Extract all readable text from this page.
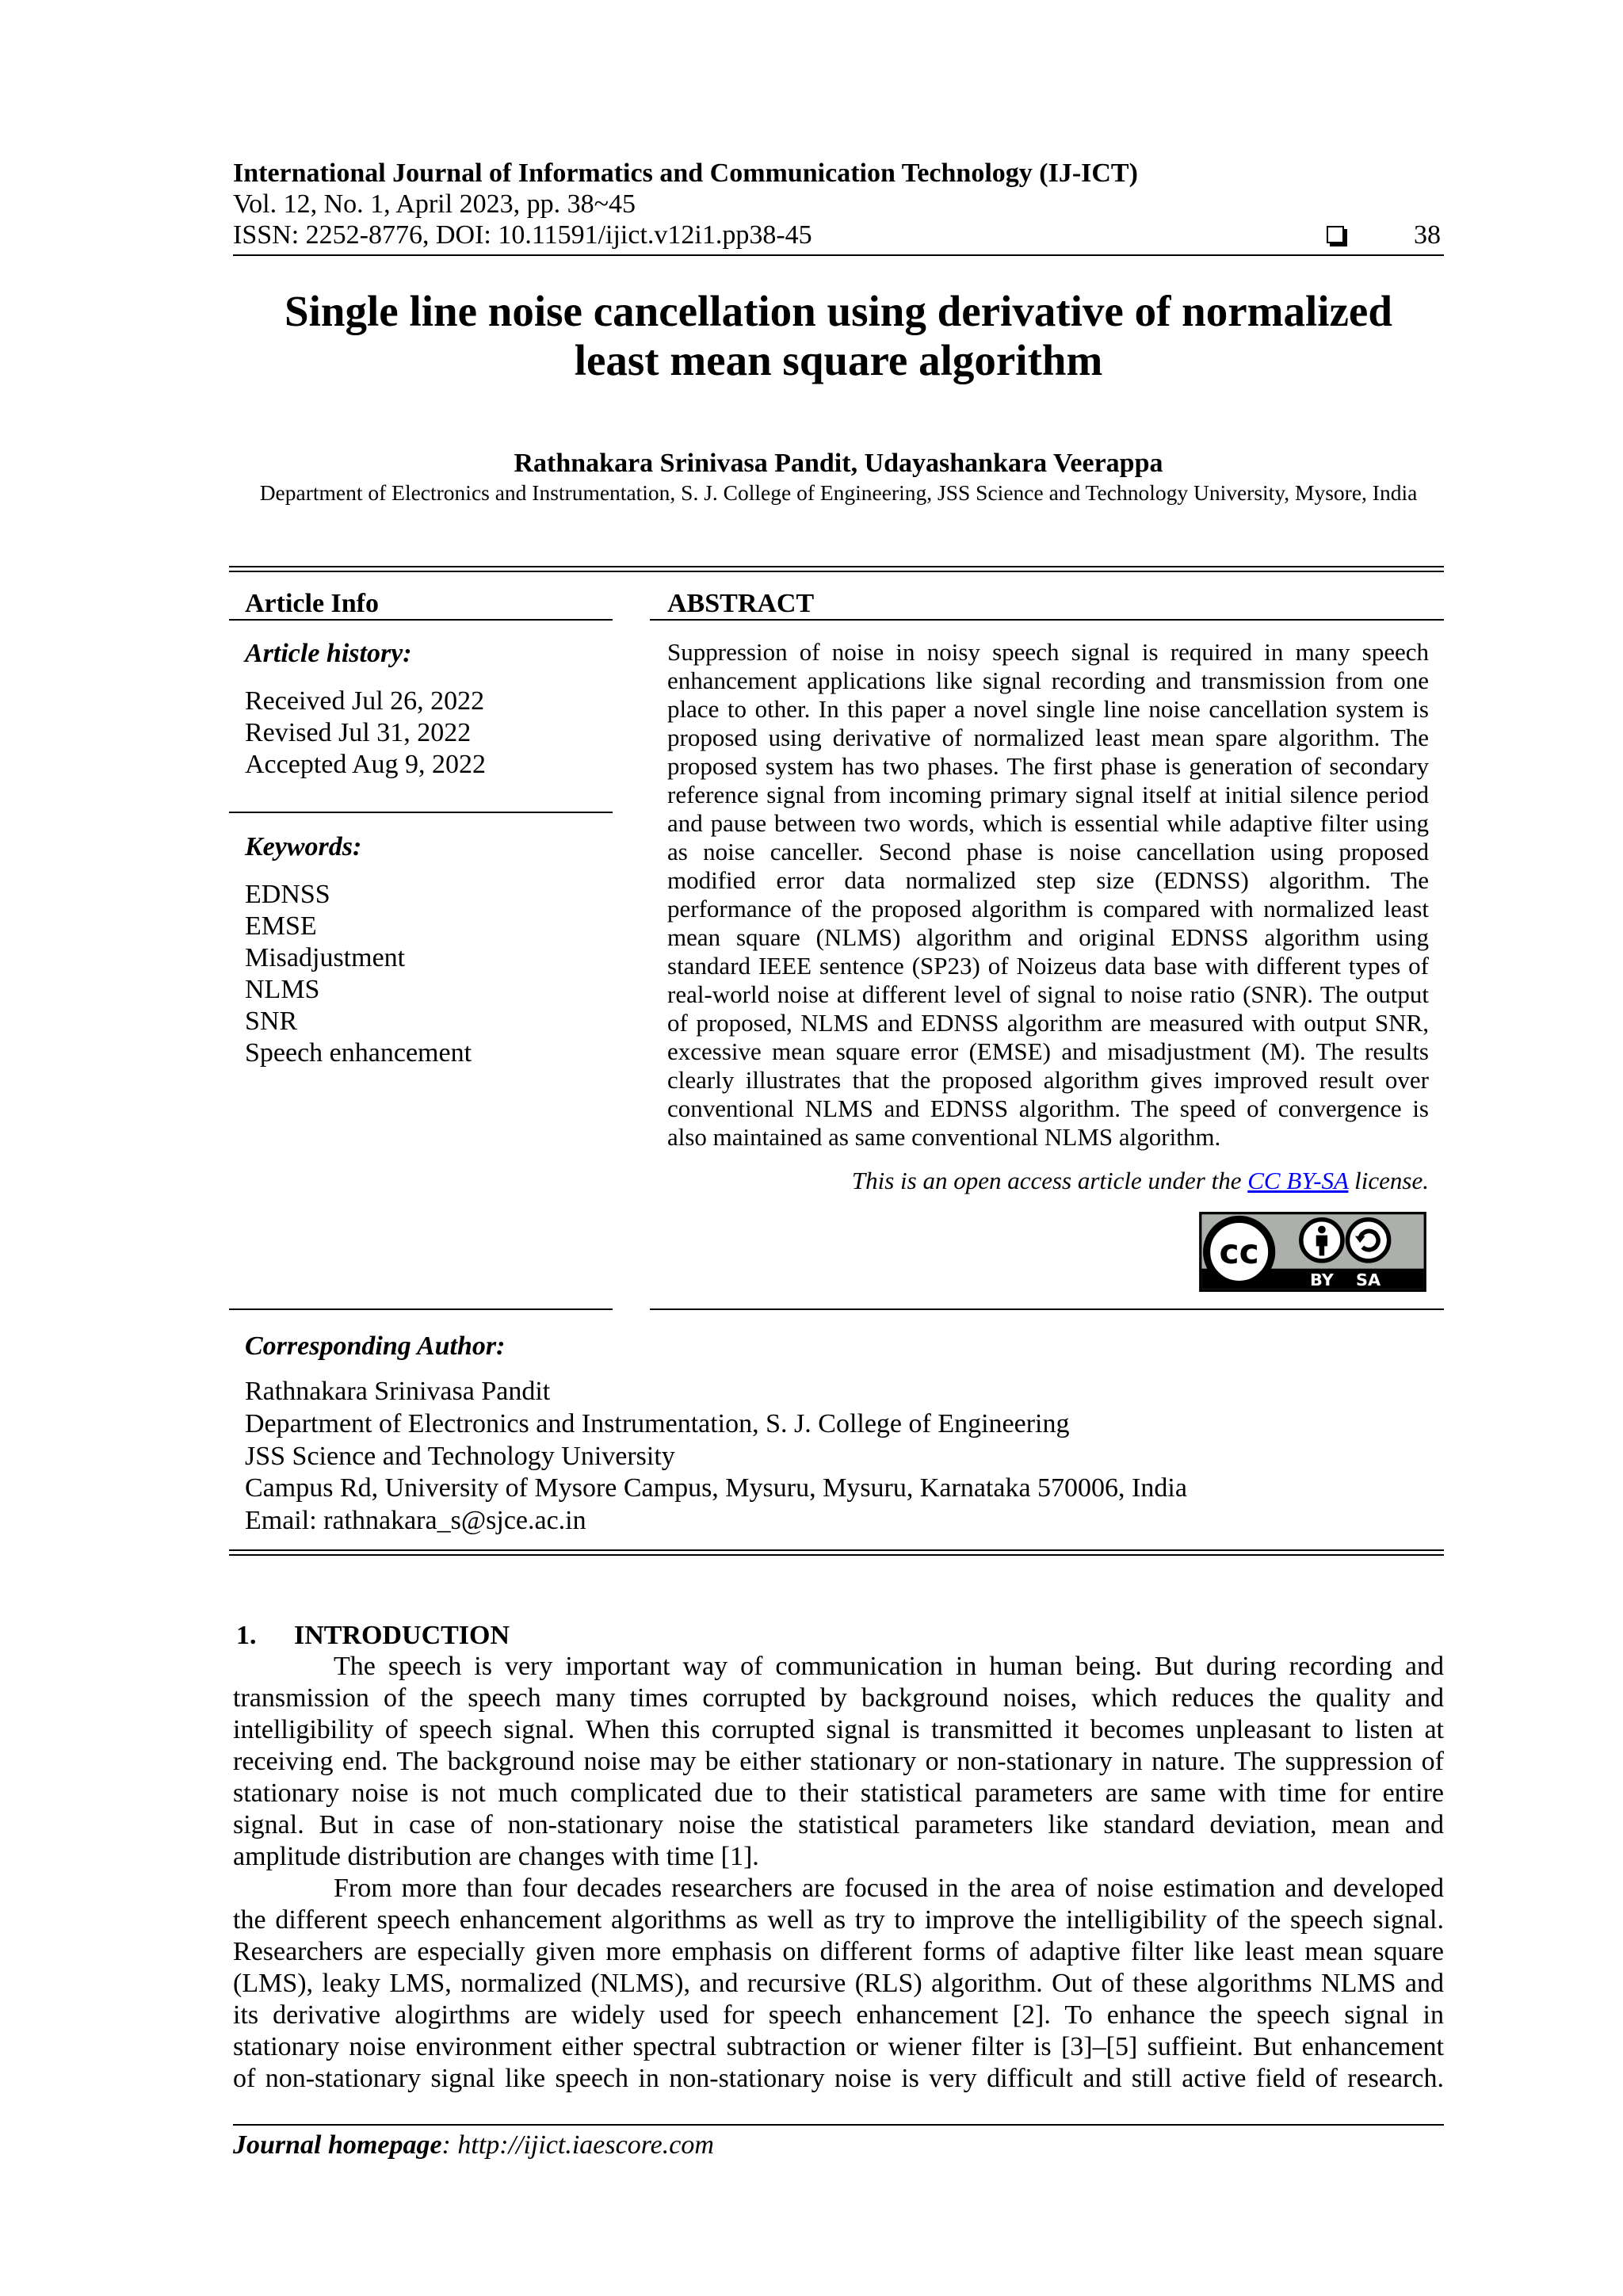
International Journal of Informatics and Communication Technology (IJ-ICT)
Vol. 12, No. 1, April 2023, pp. 38~45
ISSN: 2252-8776, DOI: 10.11591/ijict.v12i1.pp38-45	38
Single line noise cancellation using derivative of normalized
least mean square algorithm
Rathnakara Srinivasa Pandit, Udayashankara Veerappa
Department of Electronics and Instrumentation, S. J. College of Engineering, JSS Science and Technology University, Mysore, India
Article Info
Article history:
Received Jul 26, 2022
Revised Jul 31, 2022
Accepted Aug 9, 2022
Keywords:
EDNSS
EMSE
Misadjustment
NLMS
SNR
Speech enhancement
ABSTRACT
Suppression of noise in noisy speech signal is required in many speech
enhancement applications like signal recording and transmission from one
place to other. In this paper a novel single line noise cancellation system is
proposed using derivative of normalized least mean spare algorithm. The
proposed system has two phases. The first phase is generation of secondary
reference signal from incoming primary signal itself at initial silence period
and pause between two words, which is essential while adaptive filter using
as noise canceller. Second phase is noise cancellation using proposed
modified error data normalized step size (EDNSS) algorithm. The
performance of the proposed algorithm is compared with normalized least
mean square (NLMS) algorithm and original EDNSS algorithm using
standard IEEE sentence (SP23) of Noizeus data base with different types of
real-world noise at different level of signal to noise ratio (SNR). The output
of proposed, NLMS and EDNSS algorithm are measured with output SNR,
excessive mean square error (EMSE) and misadjustment (M). The results
clearly illustrates that the proposed algorithm gives improved result over
conventional NLMS and EDNSS algorithm. The speed of convergence is
also maintained as same conventional NLMS algorithm.
This is an open access article under the CC BY-SA license.
cc
BY	SA
Corresponding Author:
Rathnakara Srinivasa Pandit
Department of Electronics and Instrumentation, S. J. College of Engineering
JSS Science and Technology University
Campus Rd, University of Mysore Campus, Mysuru, Mysuru, Karnataka 570006, India
Email: rathnakara_s@sjce.ac.in
1. INTRODUCTION
The speech is very important way of communication in human being. But during recording and
transmission of the speech many times corrupted by background noises, which reduces the quality and
intelligibility of speech signal. When this corrupted signal is transmitted it becomes unpleasant to listen at
receiving end. The background noise may be either stationary or non-stationary in nature. The suppression of
stationary noise is not much complicated due to their statistical parameters are same with time for entire
signal. But in case of non-stationary noise the statistical parameters like standard deviation, mean and
amplitude distribution are changes with time [1].
From more than four decades researchers are focused in the area of noise estimation and developed
the different speech enhancement algorithms as well as try to improve the intelligibility of the speech signal.
Researchers are especially given more emphasis on different forms of adaptive filter like least mean square
(LMS), leaky LMS, normalized (NLMS), and recursive (RLS) algorithm. Out of these algorithms NLMS and
its derivative alogirthms are widely used for speech enhancement [2]. To enhance the speech signal in
stationary noise environment either spectral subtraction or wiener filter is [3]–[5] suffieint. But enhancement
of non-stationary signal like speech in non-stationary noise is very difficult and still active field of research.
Journal homepage: http://ijict.iaescore.com
